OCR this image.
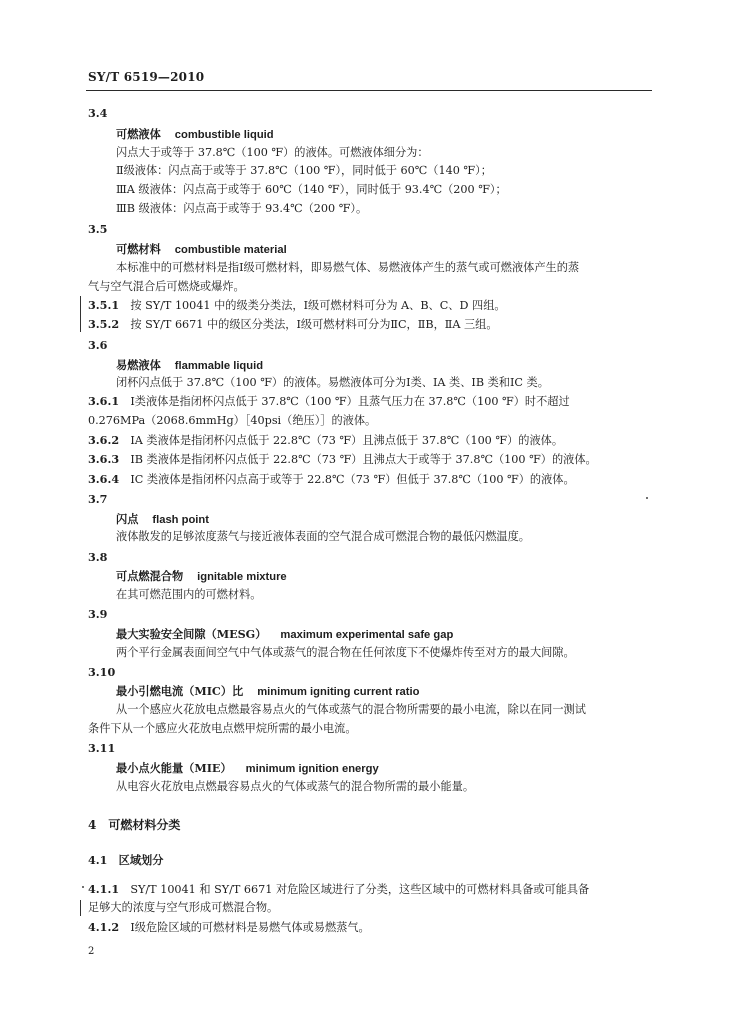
SY/T 6519—2010
3.4
可燃液体 combustible liquid
闪点大于或等于 37.8℃（100 ℉）的液体。可燃液体细分为：
Ⅱ级液体：闪点高于或等于 37.8℃（100 ℉），同时低于 60℃（140 ℉）；
ⅢA 级液体：闪点高于或等于 60℃（140 ℉），同时低于 93.4℃（200 ℉）；
ⅢB 级液体：闪点高于或等于 93.4℃（200 ℉）。
3.5
可燃材料 combustible material
本标准中的可燃材料是指Ⅰ级可燃材料，即易燃气体、易燃液体产生的蒸气或可燃液体产生的蒸
气与空气混合后可燃烧或爆炸。
3.5.1　 按 SY/T 10041 中的级类分类法，Ⅰ级可燃材料可分为 A、B、C、D 四组。
3.5.2　 按 SY/T 6671 中的级区分类法，Ⅰ级可燃材料可分为ⅡC，ⅡB，ⅡA 三组。
3.6
易燃液体 flammable liquid
闭杯闪点低于 37.8℃（100 ℉）的液体。易燃液体可分为Ⅰ类、ⅠA 类、ⅠB 类和ⅠC 类。
3.6.1　 Ⅰ类液体是指闭杯闪点低于 37.8℃（100 ℉）且蒸气压力在 37.8℃（100 ℉）时不超过
0.276MPa（2068.6mmHg）［40psi（绝压）］的液体。
3.6.2　 ⅠA 类液体是指闭杯闪点低于 22.8℃（73 ℉）且沸点低于 37.8℃（100 ℉）的液体。
3.6.3　 ⅠB 类液体是指闭杯闪点低于 22.8℃（73 ℉）且沸点大于或等于 37.8℃（100 ℉）的液体。
3.6.4　 ⅠC 类液体是指闭杯闪点高于或等于 22.8℃（73 ℉）但低于 37.8℃（100 ℉）的液体。
3.7
闪点 flash point
液体散发的足够浓度蒸气与接近液体表面的空气混合成可燃混合物的最低闪燃温度。
3.8
可点燃混合物 ignitable mixture
在其可燃范围内的可燃材料。
3.9
最大实验安全间隙（MESG） maximum experimental safe gap
两个平行金属表面间空气中气体或蒸气的混合物在任何浓度下不使爆炸传至对方的最大间隙。
3.10
最小引燃电流（MIC）比 minimum igniting current ratio
从一个感应火花放电点燃最容易点火的气体或蒸气的混合物所需要的最小电流，除以在同一测试
条件下从一个感应火花放电点燃甲烷所需的最小电流。
3.11
最小点火能量（MIE） minimum ignition energy
从电容火花放电点燃最容易点火的气体或蒸气的混合物所需的最小能量。
4　可燃材料分类
4.1　区域划分
4.1.1　 SY/T 10041 和 SY/T 6671 对危险区域进行了分类，这些区域中的可燃材料具备或可能具备
足够大的浓度与空气形成可燃混合物。
4.1.2　 Ⅰ级危险区域的可燃材料是易燃气体或易燃蒸气。
2
